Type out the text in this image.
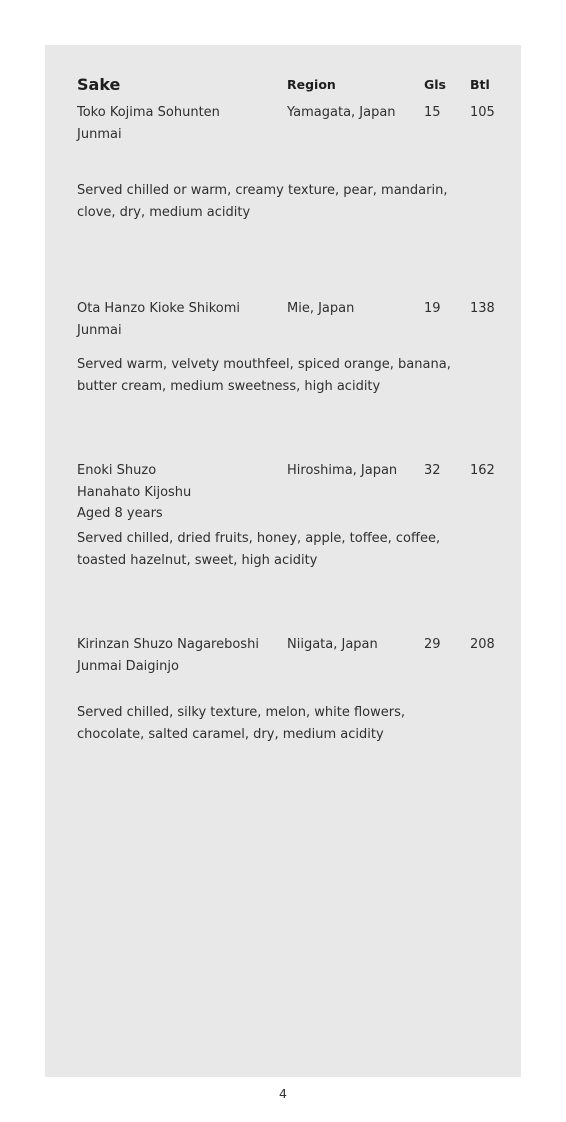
Sake	Region	Gls	Btl
Toko Kojima Sohunten
Junmai
Yamagata, Japan	15	105
Served chilled or warm, creamy texture, pear, mandarin,
clove, dry, medium acidity
Ota Hanzo Kioke Shikomi
Junmai
Mie, Japan	19	138
Served warm, velvety mouthfeel, spiced orange, banana,
butter cream, medium sweetness, high acidity
Enoki Shuzo
Hanahato Kijoshu
Aged 8 years
Hiroshima, Japan	32	162
Served chilled, dried fruits, honey, apple, toffee, coffee,
toasted hazelnut, sweet, high acidity
Kirinzan Shuzo Nagareboshi
Junmai Daiginjo
Niigata, Japan	29	208
Served chilled, silky texture, melon, white flowers,
chocolate, salted caramel, dry, medium acidity
4
